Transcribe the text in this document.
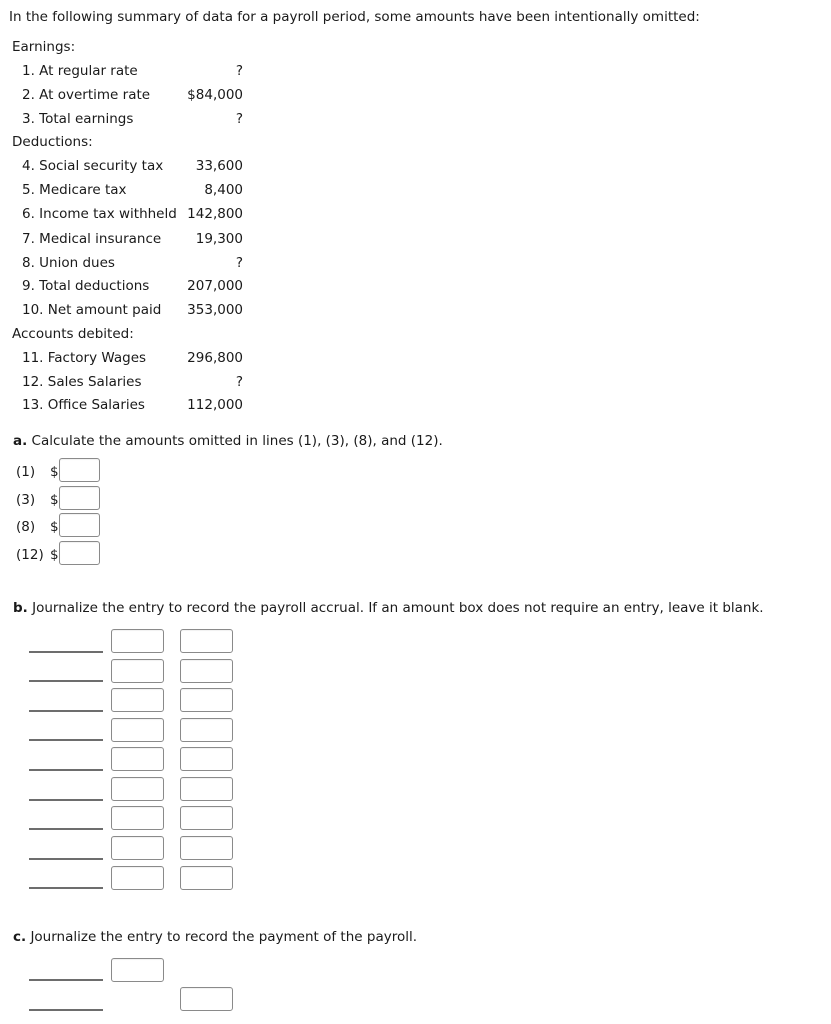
In the following summary of data for a payroll period, some amounts have been intentionally omitted:
Earnings:
1. At regular rate	?
2. At overtime rate	$84,000
3. Total earnings	?
Deductions:
4. Social security tax	33,600
5. Medicare tax	8,400
6. Income tax withheld 142,800
7. Medical insurance	19,300
8. Union dues	?
9. Total deductions	207,000
10. Net amount paid	353,000
Accounts debited:
11. Factory Wages	296,800
12. Sales Salaries	?
13. Office Salaries	112,000
a. Calculate the amounts omitted in lines (1), (3), (8), and (12).
(1) $
(3) $
(8) $
(12) $
b. Journalize the entry to record the payroll accrual. If an amount box does not require an entry, leave it blank.
c. Journalize the entry to record the payment of the payroll.
